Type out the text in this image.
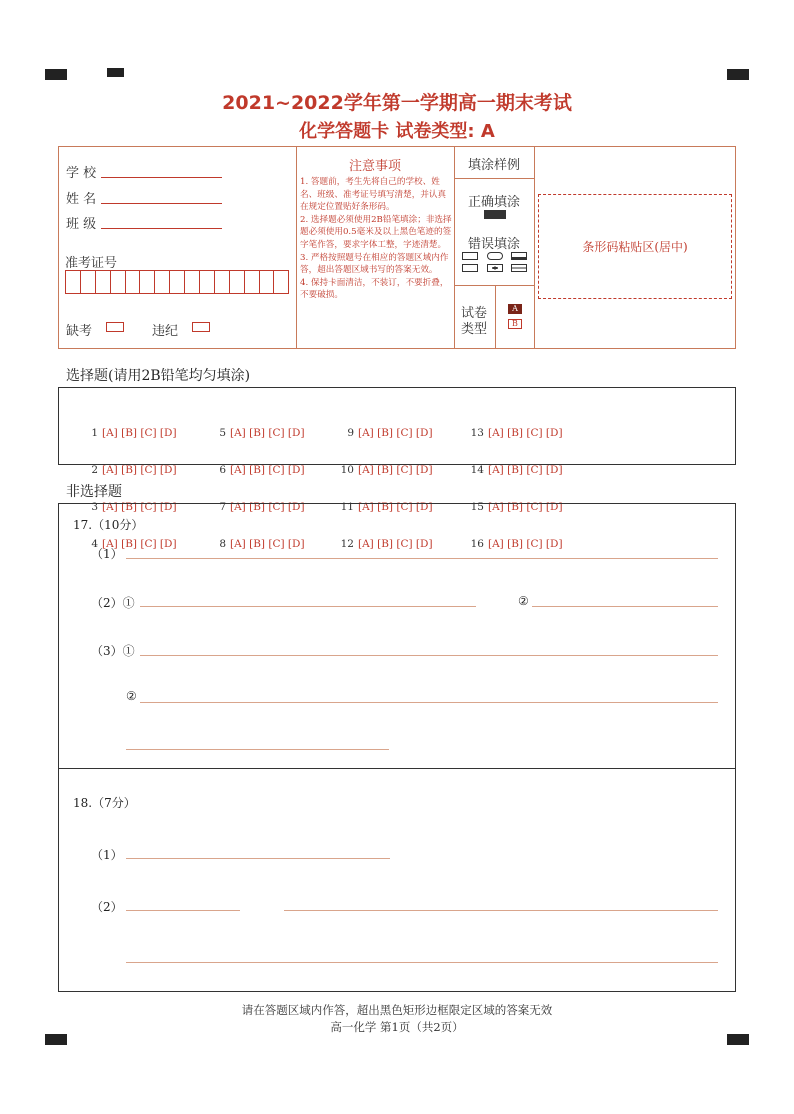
2021~2022学年第一学期高一期末考试
化学答题卡 试卷类型: A
学 校
姓 名
班 级
准考证号
缺考	违纪
注意事项

1. 答题前，考生先将自己的学校、姓名、班级、准考证号填写清楚，并认真在规定位置贴好条形码。

2. 选择题必须使用2B铅笔填涂；非选择题必须使用0.5毫米及以上黑色笔迹的签字笔作答，要求字体工整，字迹清楚。

3. 严格按照题号在相应的答题区域内作答，超出答题区域书写的答案无效。

4. 保持卡面清洁，不装订，不要折叠，不要破损。

填涂样例
正确填涂
错误填涂
试卷
类型
A
B
条形码粘贴区(居中)
选择题(请用2B铅笔均匀填涂)

1 [A] [B] [C] [D]

2 [A] [B] [C] [D]

3 [A] [B] [C] [D]

4 [A] [B] [C] [D]

5 [A] [B] [C] [D]

6 [A] [B] [C] [D]

7 [A] [B] [C] [D]

8 [A] [B] [C] [D]

9 [A] [B] [C] [D]

10 [A] [B] [C] [D]

11 [A] [B] [C] [D]

12 [A] [B] [C] [D]

13 [A] [B] [C] [D]

14 [A] [B] [C] [D]

15 [A] [B] [C] [D]

16 [A] [B] [C] [D]

非选择题
17.（10分）
（1）
（2）①	②
（3）①
②
18.（7分）
（1）
（2）
请在答题区域内作答，超出黑色矩形边框限定区域的答案无效
高一化学 第1页（共2页）
